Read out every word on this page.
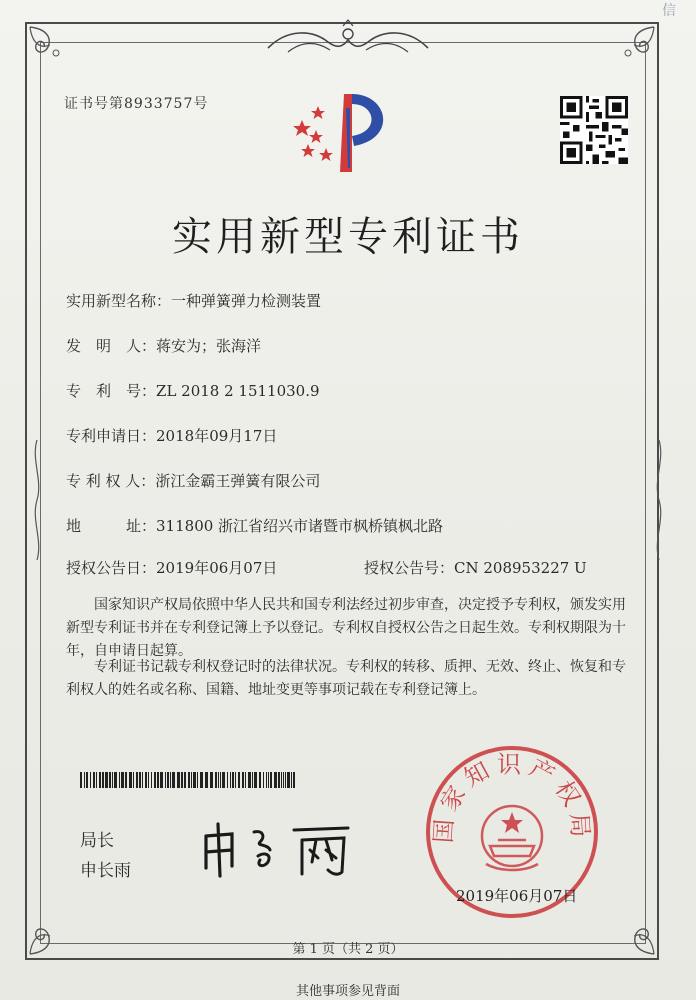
信
证书号第8933757号
实用新型专利证书
实用新型名称：一种弹簧弹力检测装置
发　明　人：蒋安为；张海洋
专　利　号：ZL 2018 2 1511030.9
专利申请日：2018年09月17日
专 利 权 人：浙江金霸王弹簧有限公司
地　　　址：311800 浙江省绍兴市诸暨市枫桥镇枫北路
授权公告日：2019年06月07日	授权公告号：CN 208953227 U
国家知识产权局依照中华人民共和国专利法经过初步审查，决定授予专利权，颁发实用新型专利证书并在专利登记簿上予以登记。专利权自授权公告之日起生效。专利权期限为十年，自申请日起算。
专利证书记载专利权登记时的法律状况。专利权的转移、质押、无效、终止、恢复和专利权人的姓名或名称、国籍、地址变更等事项记载在专利登记簿上。
局长
申长雨
国家知识产权局
2019年06月07日
第 1 页（共 2 页）
其他事项参见背面
